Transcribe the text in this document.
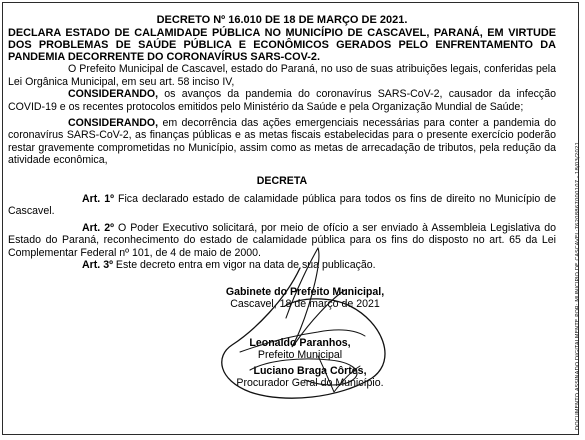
DOCUMENTO ASSINADO DIGITALMENTE POR: MUNICIPIO DE CASCAVEL:76208867000107 - 18/03/2021
DECRETO Nº 16.010 DE 18 DE MARÇO DE 2021.
DECLARA ESTADO DE CALAMIDADE PÚBLICA NO MUNICÍPIO DE CASCAVEL, PARANÁ, EM VIRTUDE DOS PROBLEMAS DE SAÚDE PÚBLICA E ECONÔMICOS GERADOS PELO ENFRENTAMENTO DA PANDEMIA DECORRENTE DO CORONAVÍRUS SARS-COV-2.

O Prefeito Municipal de Cascavel, estado do Paraná, no uso de suas atribuições legais, conferidas pela Lei Orgânica Municipal, em seu art. 58 inciso IV,

CONSIDERANDO, os avanços da pandemia do coronavírus SARS-CoV-2, causador da infecção COVID-19 e os recentes protocolos emitidos pelo Ministério da Saúde e pela Organização Mundial de Saúde;

CONSIDERANDO, em decorrência das ações emergenciais necessárias para conter a pandemia do coronavírus SARS-CoV-2, as finanças públicas e as metas fiscais estabelecidas para o presente exercício poderão restar gravemente comprometidas no Município, assim como as metas de arrecadação de tributos, pela redução da atividade econômica,

DECRETA

Art. 1º Fica declarado estado de calamidade pública para todos os fins de direito no Município de Cascavel.

Art. 2º O Poder Executivo solicitará, por meio de ofício a ser enviado à Assembleia Legislativa do Estado do Paraná, reconhecimento do estado de calamidade pública para os fins do disposto no art. 65 da Lei Complementar Federal nº 101, de 4 de maio de 2000.

Art. 3º Este decreto entra em vigor na data de sua publicação.

Gabinete do Prefeito Municipal,
Cascavel, 18 de março de 2021
Leonaldo Paranhos,
Prefeito Municipal
Luciano Braga Côrtes,
Procurador Geral do Município.
